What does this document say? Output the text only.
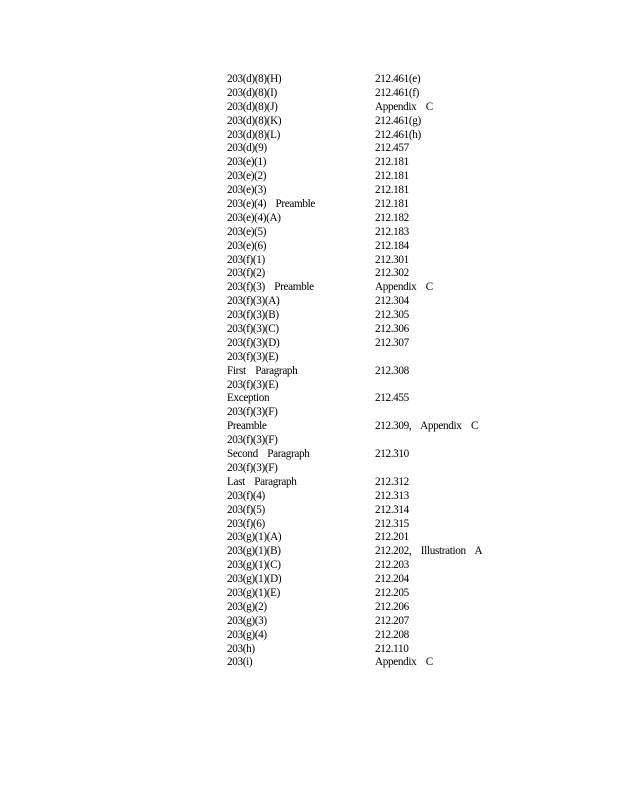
203(d)(8)(H)	212.461(e)
203(d)(8)(I)	212.461(f)
203(d)(8)(J)	Appendix C
203(d)(8)(K)	212.461(g)
203(d)(8)(L)	212.461(h)
203(d)(9)	212.457
203(e)(1)	212.181
203(e)(2)	212.181
203(e)(3)	212.181
203(e)(4) Preamble	212.181
203(e)(4)(A)	212.182
203(e)(5)	212.183
203(e)(6)	212.184
203(f)(1)	212.301
203(f)(2)	212.302
203(f)(3) Preamble	Appendix C
203(f)(3)(A)	212.304
203(f)(3)(B)	212.305
203(f)(3)(C)	212.306
203(f)(3)(D)	212.307
203(f)(3)(E)
First Paragraph	212.308
203(f)(3)(E)
Exception	212.455
203(f)(3)(F)
Preamble	212.309, Appendix C
203(f)(3)(F)
Second Paragraph	212.310
203(f)(3)(F)
Last Paragraph	212.312
203(f)(4)	212.313
203(f)(5)	212.314
203(f)(6)	212.315
203(g)(1)(A)	212.201
203(g)(1)(B)	212.202, Illustration A
203(g)(1)(C)	212.203
203(g)(1)(D)	212.204
203(g)(1)(E)	212.205
203(g)(2)	212.206
203(g)(3)	212.207
203(g)(4)	212.208
203(h)	212.110
203(i)	Appendix C
